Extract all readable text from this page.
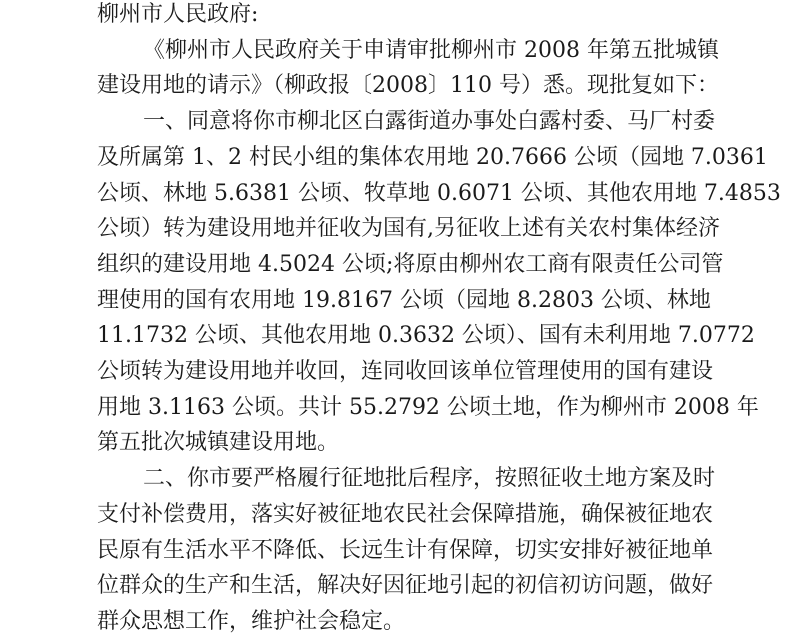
柳州市人民政府:
《柳州市人民政府关于申请审批柳州市 2008 年第五批城镇
建设用地的请示》（柳政报〔2008〕110 号）悉。现批复如下：
一、同意将你市柳北区白露街道办事处白露村委、马厂村委
及所属第 1、2 村民小组的集体农用地 20.7666 公顷（园地 7.0361
公顷、林地 5.6381 公顷、牧草地 0.6071 公顷、其他农用地 7.4853
公顷）转为建设用地并征收为国有,另征收上述有关农村集体经济
组织的建设用地 4.5024 公顷;将原由柳州农工商有限责任公司管
理使用的国有农用地 19.8167 公顷（园地 8.2803 公顷、林地
11.1732 公顷、其他农用地 0.3632 公顷）、国有未利用地 7.0772
公顷转为建设用地并收回，连同收回该单位管理使用的国有建设
用地 3.1163 公顷。共计 55.2792 公顷土地，作为柳州市 2008 年
第五批次城镇建设用地。
二、你市要严格履行征地批后程序，按照征收土地方案及时
支付补偿费用，落实好被征地农民社会保障措施，确保被征地农
民原有生活水平不降低、长远生计有保障，切实安排好被征地单
位群众的生产和生活，解决好因征地引起的初信初访问题，做好
群众思想工作，维护社会稳定。
